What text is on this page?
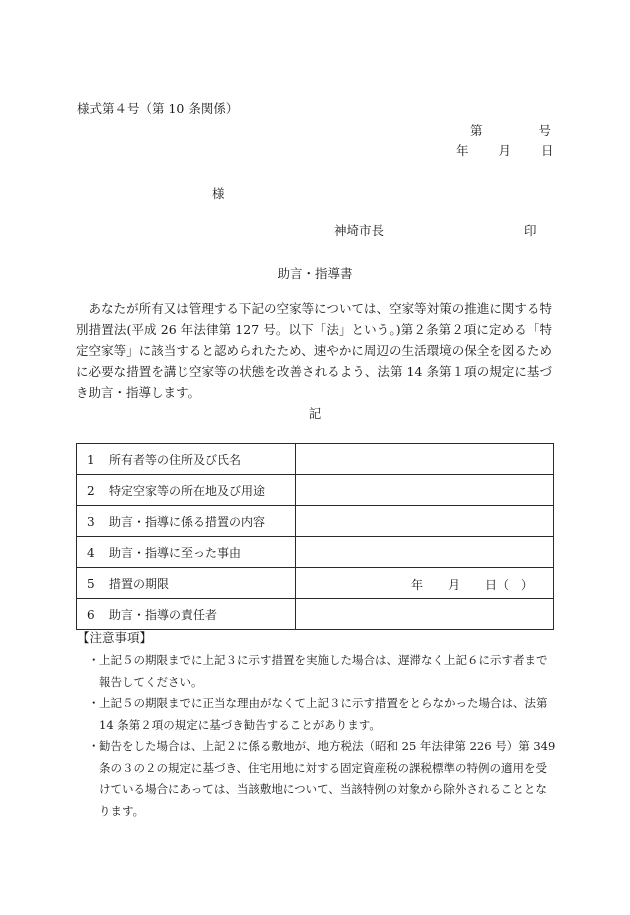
様式第４号（第 10 条関係）
第	号
年 月 日
様
神埼市長	印
助言・指導書

 あなたが所有又は管理する下記の空家等については、空家等対策の推進に関する特別措置法(平成 26 年法律第 127 号。以下「法」という。)第２条第２項に定める「特定空家等」に該当すると認められたため、速やかに周辺の生活環境の保全を図るために必要な措置を講じ空家等の状態を改善されるよう、法第 14 条第１項の規定に基づき助言・指導します。

記
1 所有者等の住所及び氏名	
2 特定空家等の所在地及び用途	
3 助言・指導に係る措置の内容	
4 助言・指導に至った事由	
5 措置の期限	年 月 日（　）

6 助言・指導の責任者	
【注意事項】
・ 上記５の期限までに上記３に示す措置を実施した場合は、遅滞なく上記６に示す者まで報告してください。
・ 上記５の期限までに正当な理由がなくて上記３に示す措置をとらなかった場合は、法第 14 条第２項の規定に基づき勧告することがあります。
・ 勧告をした場合は、上記２に係る敷地が、地方税法（昭和 25 年法律第 226 号）第 349 条の３の２の規定に基づき、住宅用地に対する固定資産税の課税標準の特例の適用を受けている場合にあっては、当該敷地について、当該特例の対象から除外されることとなります。
